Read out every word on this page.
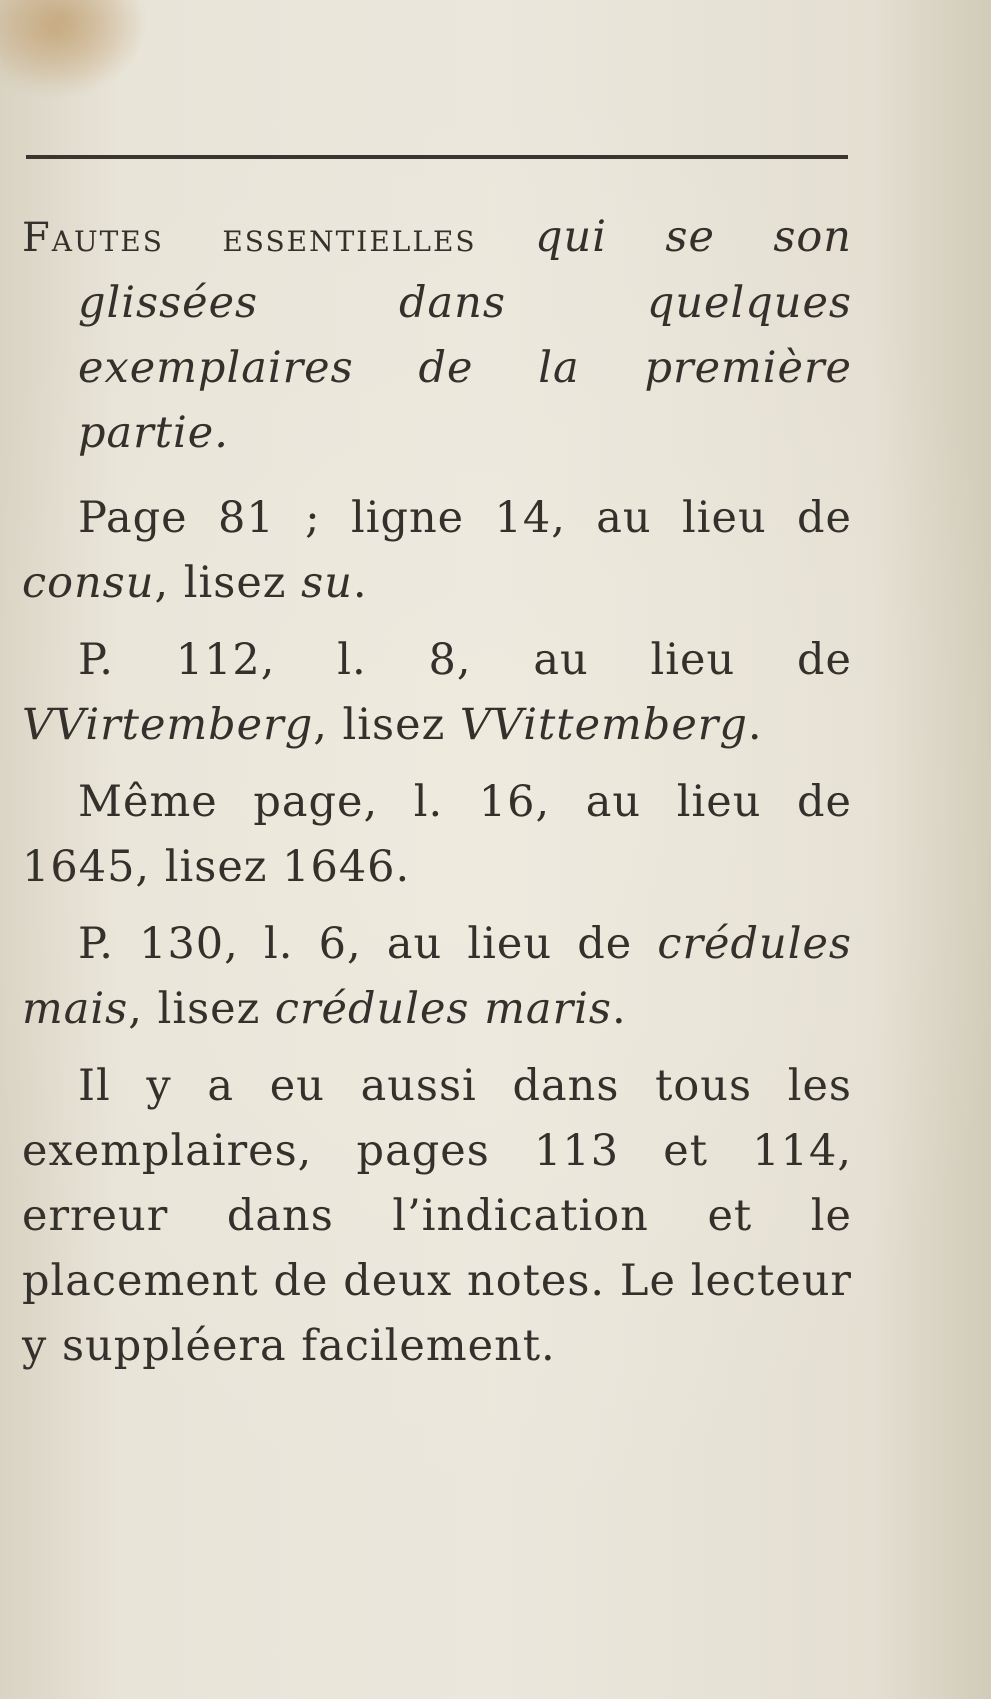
Fautes essentielles qui se son glissées dans quelques exemplaires de la première partie.

Page 81 ; ligne 14, au lieu de consu, lisez su.

P. 112, l. 8, au lieu de VVirtemberg, lisez VVittemberg.

Même page, l. 16, au lieu de 1645, lisez 1646.

P. 130, l. 6, au lieu de crédules mais, lisez crédules maris.

Il y a eu aussi dans tous les exemplaires, pages 113 et 114, erreur dans l’indication et le placement de deux notes. Le lecteur y suppléera facilement.
